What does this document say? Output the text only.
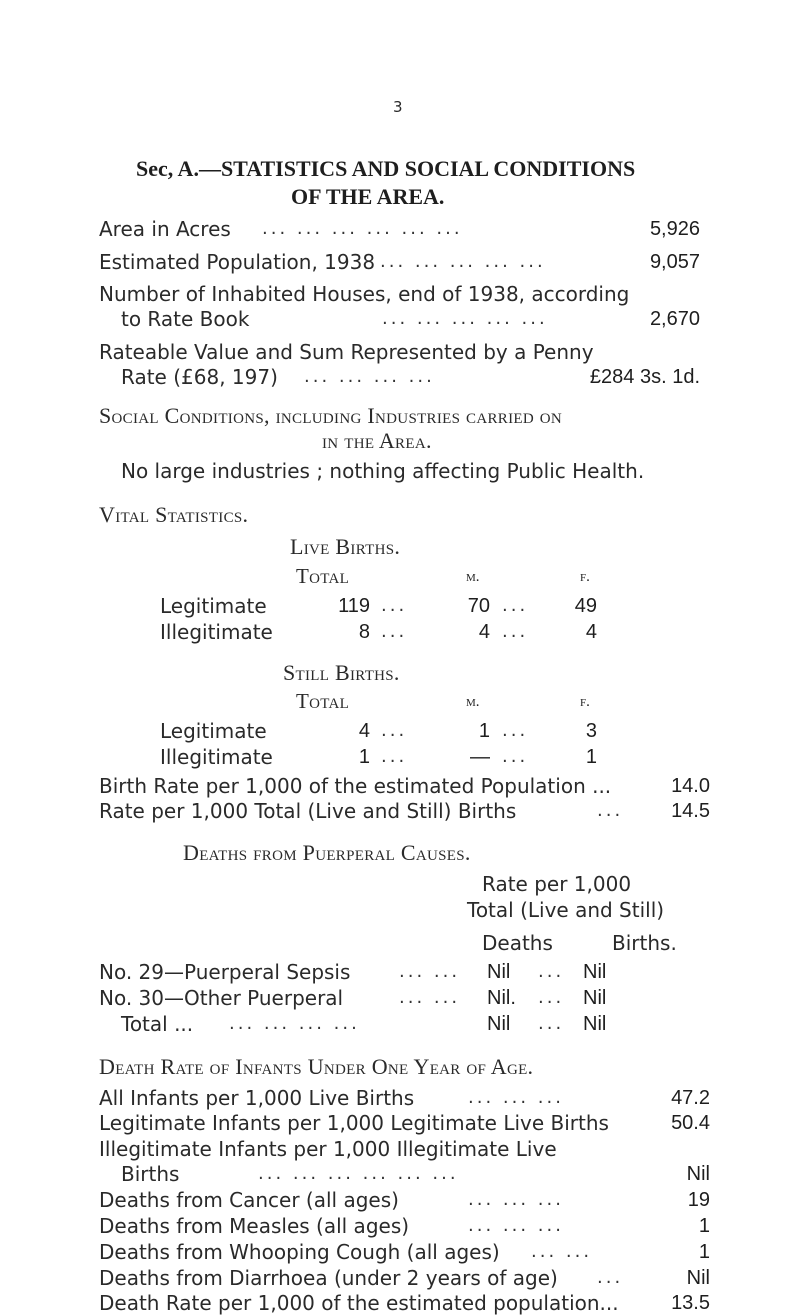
3
Sec, A.—STATISTICS AND SOCIAL CONDITIONS
OF THE AREA.
Area in Acres ... ... ... ... ... ...	5,926
Estimated Population, 1938 ... ... ... ... ...	9,057
Number of Inhabited Houses, end of 1938, according
to Rate Book	... ... ... ... ...	2,670
Rateable Value and Sum Represented by a Penny
Rate (£68, 197) ... ... ... ...	£284 3s. 1d.
Social Conditions, including Industries carried on
in the Area.
No large industries ; nothing affecting Public Health.
Vital Statistics.
Live Births.
Total	m.	f.
Legitimate	119 ...	70 ...	49
Illegitimate	8 ...	4 ...	4
Still Births.
Total	m.	f.
Legitimate	4 ...	1 ...	3
Illegitimate	1 ...	— ...	1
Birth Rate per 1,000 of the estimated Population ...	14.0
Rate per 1,000 Total (Live and Still) Births	...	14.5
Deaths from Puerperal Causes.
Rate per 1,000
Total (Live and Still)
Deaths	Births.
No. 29—Puerperal Sepsis	... ... Nil ... Nil
No. 30—Other Puerperal	... ... Nil. ... Nil
Total ... ... ... ... ...	Nil ... Nil
Death Rate of Infants Under One Year of Age.
All Infants per 1,000 Live Births	... ... ...	47.2
Legitimate Infants per 1,000 Legitimate Live Births	50.4
Illegitimate Infants per 1,000 Illegitimate Live
Births	... ... ... ... ... ...	Nil
Deaths from Cancer (all ages)	... ... ...	19
Deaths from Measles (all ages)	... ... ...	1
Deaths from Whooping Cough (all ages) ... ...	1
Deaths from Diarrhoea (under 2 years of age) ...	Nil
Death Rate per 1,000 of the estimated population...	13.5
